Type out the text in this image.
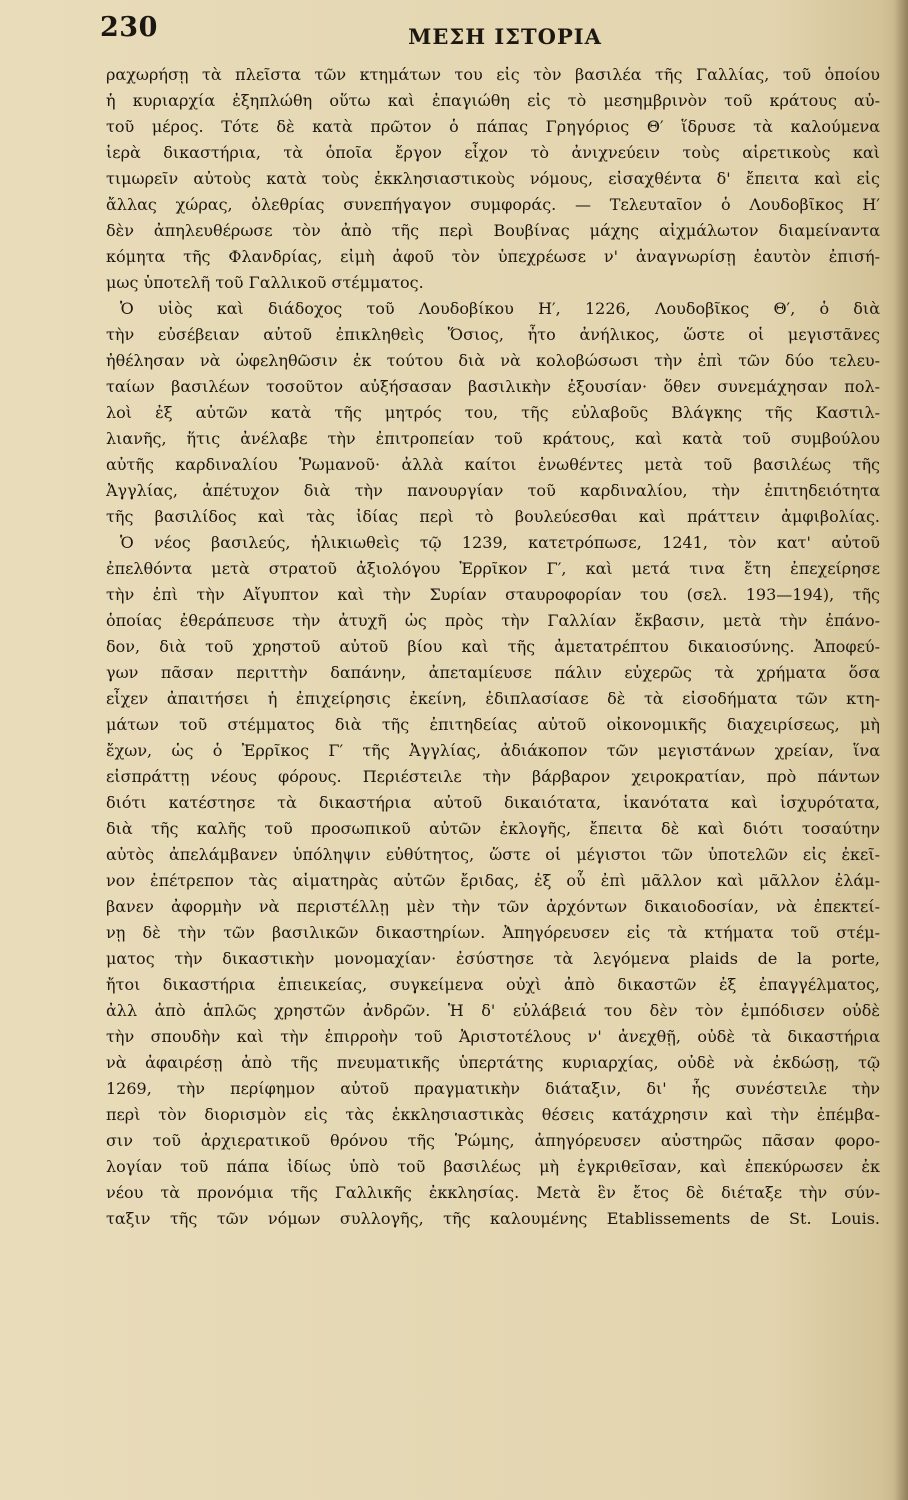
230	ΜΕΣΗ ΙΣΤΟΡΙΑ
ραχωρήσῃ τὰ πλεῖστα τῶν κτημάτων του εἰς τὸν βασιλέα τῆς Γαλλίας, τοῦ ὁποίου
ἡ κυριαρχία ἐξηπλώθη οὕτω καὶ ἐπαγιώθη εἰς τὸ μεσημβρινὸν τοῦ κράτους αὐ-
τοῦ μέρος. Τότε δὲ κατὰ πρῶτον ὁ πάπας Γρηγόριος Θ′ ἵδρυσε τὰ καλούμενα
ἱερὰ δικαστήρια, τὰ ὁποῖα ἔργον εἶχον τὸ ἀνιχνεύειν τοὺς αἱρετικοὺς καὶ
τιμωρεῖν αὐτοὺς κατὰ τοὺς ἐκκλησιαστικοὺς νόμους, εἰσαχθέντα δ' ἔπειτα καὶ εἰς
ἄλλας χώρας, ὀλεθρίας συνεπήγαγον συμφοράς. — Τελευταῖον ὁ Λουδοβῖκος Η′
δὲν ἀπηλευθέρωσε τὸν ἀπὸ τῆς περὶ Βουβίνας μάχης αἰχμάλωτον διαμείναντα
κόμητα τῆς Φλανδρίας, εἰμὴ ἀφοῦ τὸν ὑπεχρέωσε ν' ἀναγνωρίσῃ ἑαυτὸν ἐπισή-
μως ὑποτελῆ τοῦ Γαλλικοῦ στέμματος.
Ὁ υἱὸς καὶ διάδοχος τοῦ Λουδοβίκου Η′, 1226, Λουδοβῖκος Θ′, ὁ διὰ
τὴν εὐσέβειαν αὐτοῦ ἐπικληθεὶς Ὅσιος, ἦτο ἀνήλικος, ὥστε οἱ μεγιστᾶνες
ἠθέλησαν νὰ ὠφεληθῶσιν ἐκ τούτου διὰ νὰ κολοβώσωσι τὴν ἐπὶ τῶν δύο τελευ-
ταίων βασιλέων τοσοῦτον αὐξήσασαν βασιλικὴν ἐξουσίαν· ὅθεν συνεμάχησαν πολ-
λοὶ ἐξ αὐτῶν κατὰ τῆς μητρός του, τῆς εὐλαβοῦς Βλάγκης τῆς Καστιλ-
λιανῆς, ἥτις ἀνέλαβε τὴν ἐπιτροπείαν τοῦ κράτους, καὶ κατὰ τοῦ συμβούλου
αὐτῆς καρδιναλίου Ῥωμανοῦ· ἀλλὰ καίτοι ἑνωθέντες μετὰ τοῦ βασιλέως τῆς
Ἀγγλίας, ἀπέτυχον διὰ τὴν πανουργίαν τοῦ καρδιναλίου, τὴν ἐπιτηδειότητα
τῆς βασιλίδος καὶ τὰς ἰδίας περὶ τὸ βουλεύεσθαι καὶ πράττειν ἀμφιβολίας.
Ὁ νέος βασιλεύς, ἡλικιωθεὶς τῷ 1239, κατετρόπωσε, 1241, τὸν κατ' αὐτοῦ
ἐπελθόντα μετὰ στρατοῦ ἀξιολόγου Ἐρρῖκον Γ′, καὶ μετά τινα ἔτη ἐπεχείρησε
τὴν ἐπὶ τὴν Αἴγυπτον καὶ τὴν Συρίαν σταυροφορίαν του (σελ. 193—194), τῆς
ὁποίας ἐθεράπευσε τὴν ἀτυχῆ ὡς πρὸς τὴν Γαλλίαν ἔκβασιν, μετὰ τὴν ἐπάνο-
δον, διὰ τοῦ χρηστοῦ αὐτοῦ βίου καὶ τῆς ἀμετατρέπτου δικαιοσύνης. Ἀποφεύ-
γων πᾶσαν περιττὴν δαπάνην, ἀπεταμίευσε πάλιν εὐχερῶς τὰ χρήματα ὅσα
εἶχεν ἀπαιτήσει ἡ ἐπιχείρησις ἐκείνη, ἐδιπλασίασε δὲ τὰ εἰσοδήματα τῶν κτη-
μάτων τοῦ στέμματος διὰ τῆς ἐπιτηδείας αὐτοῦ οἰκονομικῆς διαχειρίσεως, μὴ
ἔχων, ὡς ὁ Ἐρρῖκος Γ′ τῆς Ἀγγλίας, ἀδιάκοπον τῶν μεγιστάνων χρείαν, ἵνα
εἰσπράττῃ νέους φόρους. Περιέστειλε τὴν βάρβαρον χειροκρατίαν, πρὸ πάντων
διότι κατέστησε τὰ δικαστήρια αὐτοῦ δικαιότατα, ἱκανότατα καὶ ἰσχυρότατα,
διὰ τῆς καλῆς τοῦ προσωπικοῦ αὐτῶν ἐκλογῆς, ἔπειτα δὲ καὶ διότι τοσαύτην
αὐτὸς ἀπελάμβανεν ὑπόληψιν εὐθύτητος, ὥστε οἱ μέγιστοι τῶν ὑποτελῶν εἰς ἐκεῖ-
νον ἐπέτρεπον τὰς αἱματηρὰς αὐτῶν ἔριδας, ἐξ οὗ ἐπὶ μᾶλλον καὶ μᾶλλον ἐλάμ-
βανεν ἀφορμὴν νὰ περιστέλλῃ μὲν τὴν τῶν ἀρχόντων δικαιοδοσίαν, νὰ ἐπεκτεί-
νῃ δὲ τὴν τῶν βασιλικῶν δικαστηρίων. Ἀπηγόρευσεν εἰς τὰ κτήματα τοῦ στέμ-
ματος τὴν δικαστικὴν μονομαχίαν· ἐσύστησε τὰ λεγόμενα plaids de la porte,
ἤτοι δικαστήρια ἐπιεικείας, συγκείμενα οὐχὶ ἀπὸ δικαστῶν ἐξ ἐπαγγέλματος,
ἀλλ ἀπὸ ἁπλῶς χρηστῶν ἀνδρῶν. Ἡ δ' εὐλάβειά του δὲν τὸν ἐμπόδισεν οὐδὲ
τὴν σπουδὴν καὶ τὴν ἐπιρροὴν τοῦ Ἀριστοτέλους ν' ἀνεχθῇ, οὐδὲ τὰ δικαστήρια
νὰ ἀφαιρέσῃ ἀπὸ τῆς πνευματικῆς ὑπερτάτης κυριαρχίας, οὐδὲ νὰ ἐκδώσῃ, τῷ
1269, τὴν περίφημον αὐτοῦ πραγματικὴν διάταξιν, δι' ἧς συνέστειλε τὴν
περὶ τὸν διορισμὸν εἰς τὰς ἐκκλησιαστικὰς θέσεις κατάχρησιν καὶ τὴν ἐπέμβα-
σιν τοῦ ἀρχιερατικοῦ θρόνου τῆς Ῥώμης, ἀπηγόρευσεν αὐστηρῶς πᾶσαν φορο-
λογίαν τοῦ πάπα ἰδίως ὑπὸ τοῦ βασιλέως μὴ ἐγκριθεῖσαν, καὶ ἐπεκύρωσεν ἐκ
νέου τὰ προνόμια τῆς Γαλλικῆς ἐκκλησίας. Μετὰ ἓν ἔτος δὲ διέταξε τὴν σύν-
ταξιν τῆς τῶν νόμων συλλογῆς, τῆς καλουμένης Etablissements de St. Louis.
